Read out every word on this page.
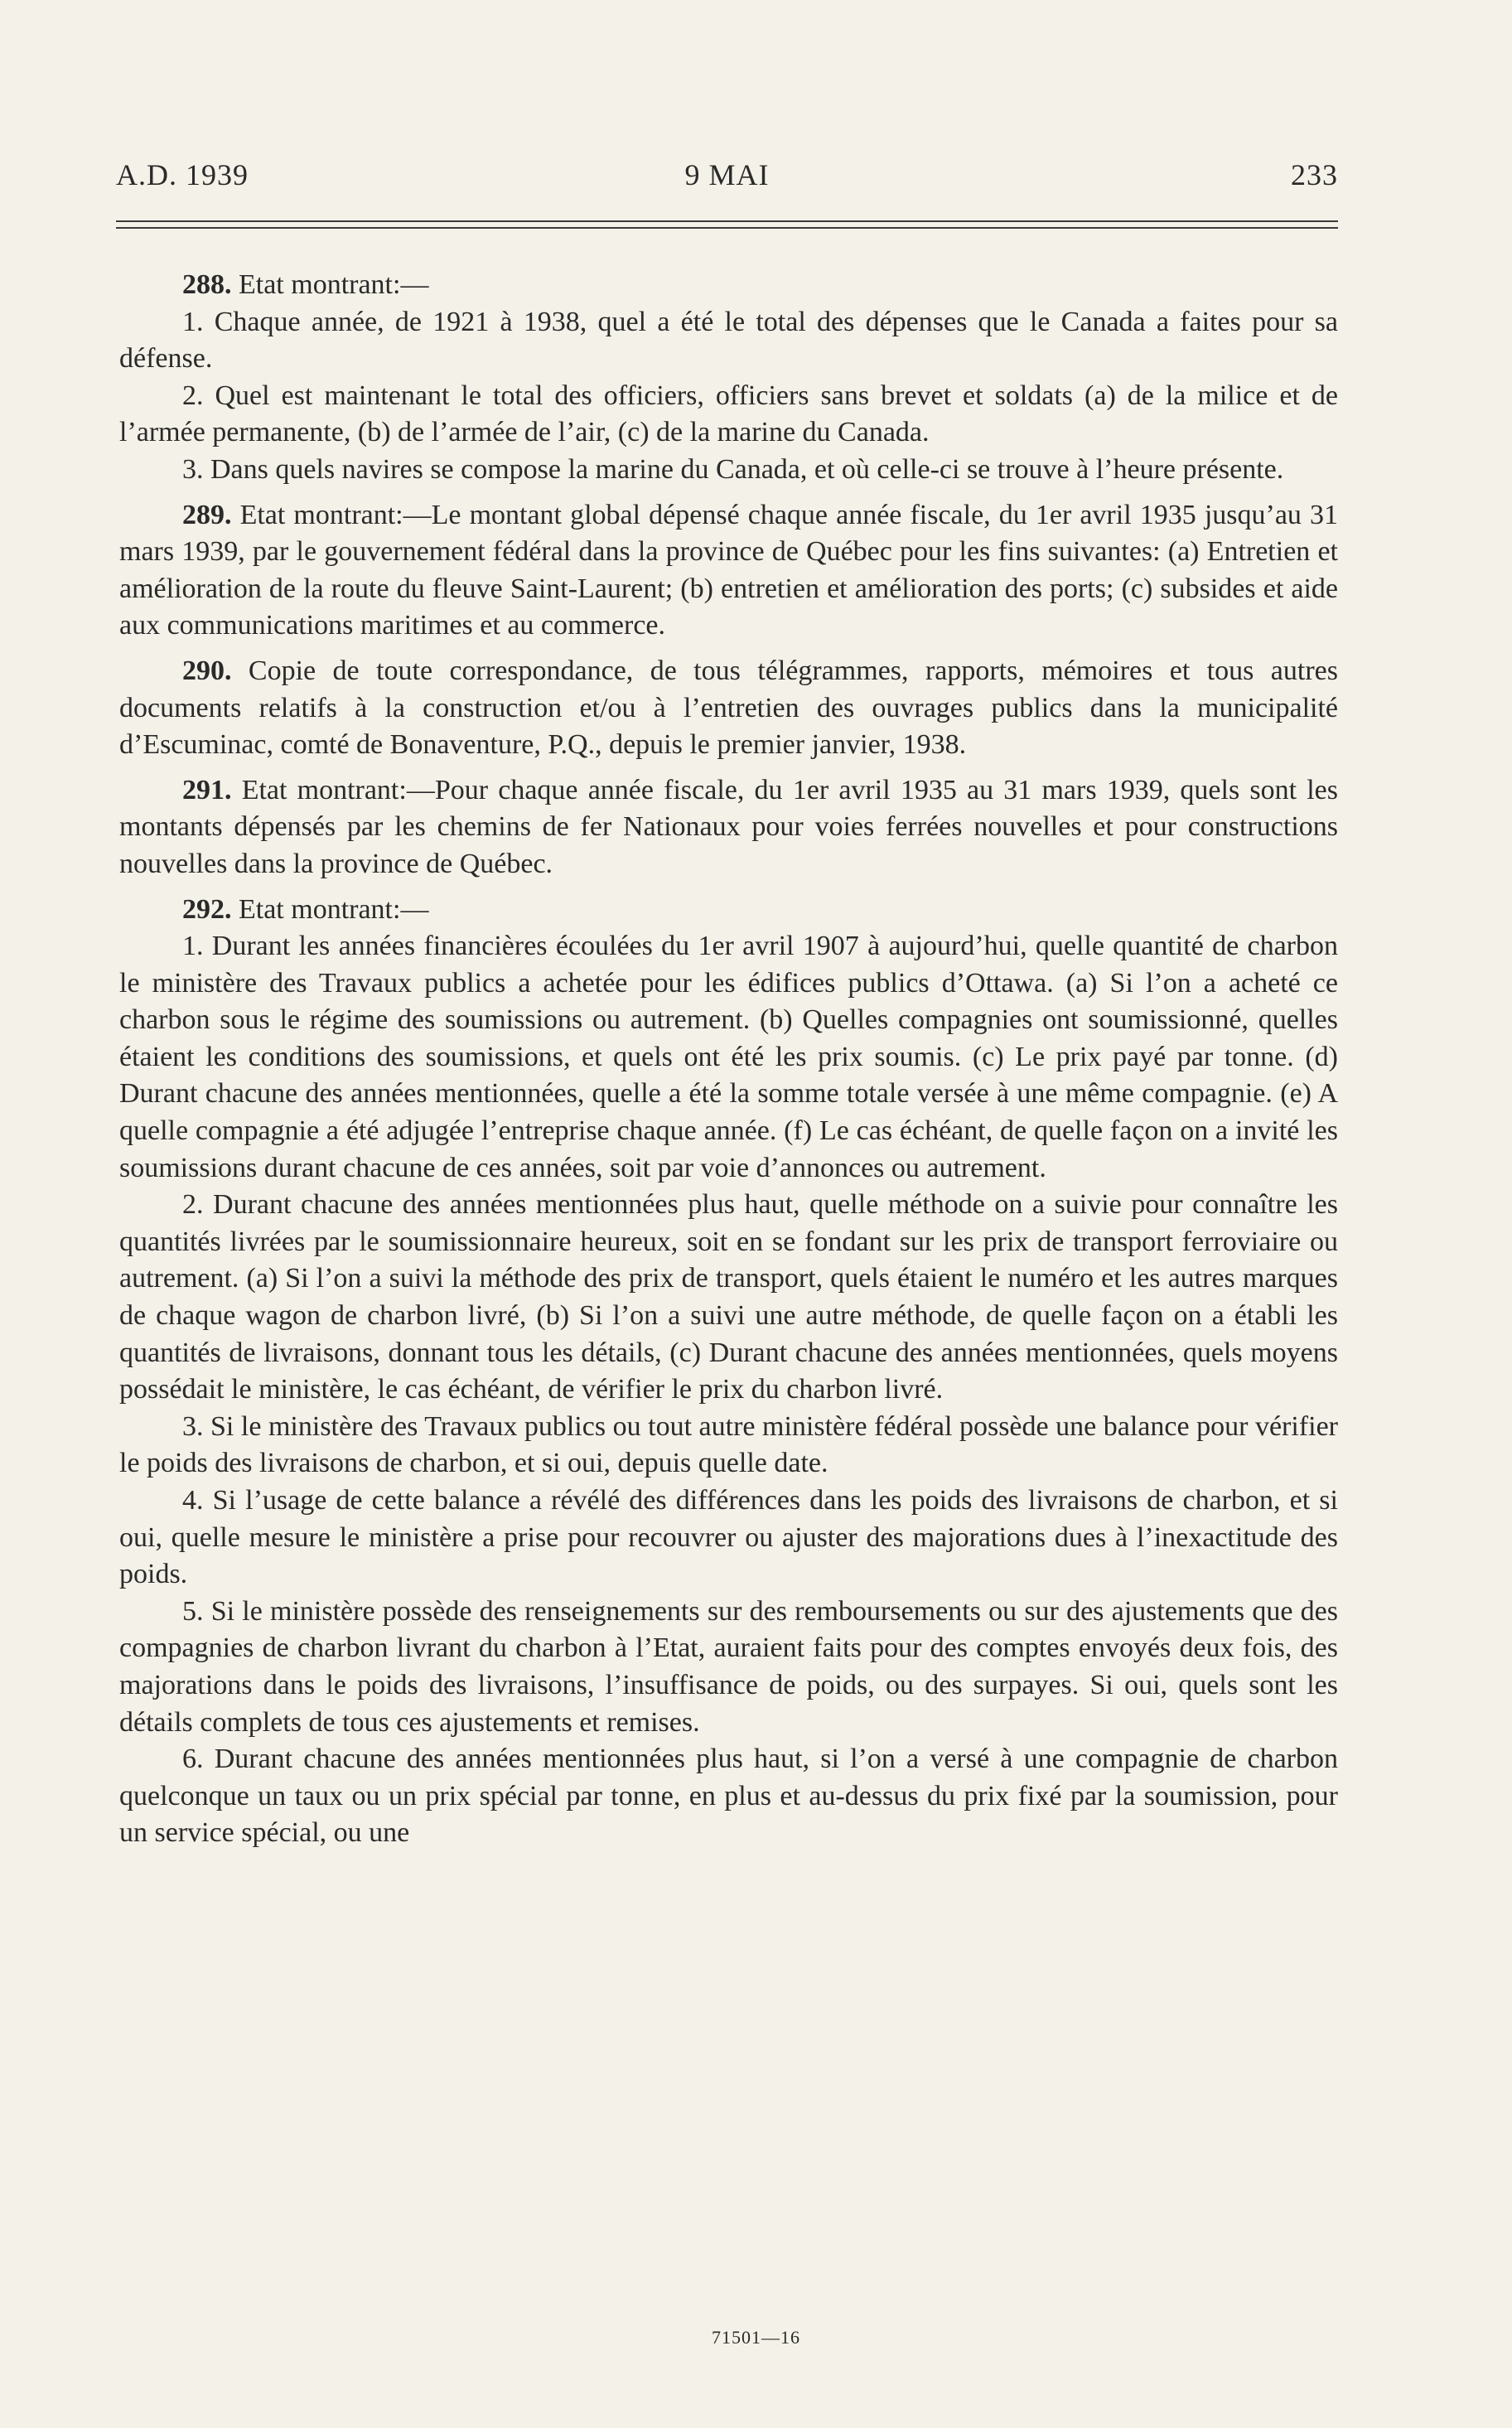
A.D. 1939	9 MAI	233

288. Etat montrant:—

1. Chaque année, de 1921 à 1938, quel a été le total des dépenses que le Canada a faites pour sa défense.

2. Quel est maintenant le total des officiers, officiers sans brevet et soldats (a) de la milice et de l’armée permanente, (b) de l’armée de l’air, (c) de la marine du Canada.

3. Dans quels navires se compose la marine du Canada, et où celle-ci se trouve à l’heure présente.

289. Etat montrant:—Le montant global dépensé chaque année fiscale, du 1er avril 1935 jusqu’au 31 mars 1939, par le gouvernement fédéral dans la province de Québec pour les fins suivantes: (a) Entretien et amélioration de la route du fleuve Saint-Laurent; (b) entretien et amélioration des ports; (c) subsides et aide aux communications maritimes et au commerce.

290. Copie de toute correspondance, de tous télégrammes, rapports, mémoires et tous autres documents relatifs à la construction et/ou à l’entretien des ouvrages publics dans la municipalité d’Escuminac, comté de Bonaventure, P.Q., depuis le premier janvier, 1938.

291. Etat montrant:—Pour chaque année fiscale, du 1er avril 1935 au 31 mars 1939, quels sont les montants dépensés par les chemins de fer Nationaux pour voies ferrées nouvelles et pour constructions nouvelles dans la province de Québec.

292. Etat montrant:—

1. Durant les années financières écoulées du 1er avril 1907 à aujourd’hui, quelle quantité de charbon le ministère des Travaux publics a achetée pour les édifices publics d’Ottawa. (a) Si l’on a acheté ce charbon sous le régime des soumissions ou autrement. (b) Quelles compagnies ont soumissionné, quelles étaient les conditions des soumissions, et quels ont été les prix soumis. (c) Le prix payé par tonne. (d) Durant chacune des années mentionnées, quelle a été la somme totale versée à une même compagnie. (e) A quelle compagnie a été adjugée l’entreprise chaque année. (f) Le cas échéant, de quelle façon on a invité les soumissions durant chacune de ces années, soit par voie d’annonces ou autrement.

2. Durant chacune des années mentionnées plus haut, quelle méthode on a suivie pour connaître les quantités livrées par le soumissionnaire heureux, soit en se fondant sur les prix de transport ferroviaire ou autrement. (a) Si l’on a suivi la méthode des prix de transport, quels étaient le numéro et les autres marques de chaque wagon de charbon livré, (b) Si l’on a suivi une autre méthode, de quelle façon on a établi les quantités de livraisons, donnant tous les détails, (c) Durant chacune des années mentionnées, quels moyens possédait le ministère, le cas échéant, de vérifier le prix du charbon livré.

3. Si le ministère des Travaux publics ou tout autre ministère fédéral possède une balance pour vérifier le poids des livraisons de charbon, et si oui, depuis quelle date.

4. Si l’usage de cette balance a révélé des différences dans les poids des livraisons de charbon, et si oui, quelle mesure le ministère a prise pour recouvrer ou ajuster des majorations dues à l’inexactitude des poids.

5. Si le ministère possède des renseignements sur des remboursements ou sur des ajustements que des compagnies de charbon livrant du charbon à l’Etat, auraient faits pour des comptes envoyés deux fois, des majorations dans le poids des livraisons, l’insuffisance de poids, ou des surpayes. Si oui, quels sont les détails complets de tous ces ajustements et remises.

6. Durant chacune des années mentionnées plus haut, si l’on a versé à une compagnie de charbon quelconque un taux ou un prix spécial par tonne, en plus et au-dessus du prix fixé par la soumission, pour un service spécial, ou une

71501—16
